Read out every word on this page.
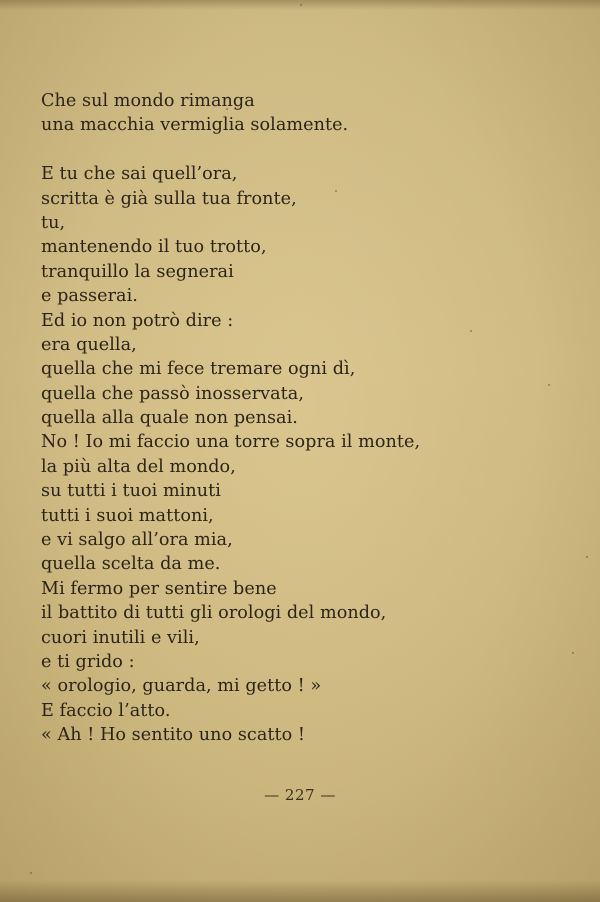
Che sul mondo rimanga
una macchia vermiglia solamente.
E tu che sai quell’ora,
scritta è già sulla tua fronte,
tu,
mantenendo il tuo trotto,
tranquillo la segnerai
e passerai.
Ed io non potrò dire :
era quella,
quella che mi fece tremare ogni dì,
quella che passò inosservata,
quella alla quale non pensai.
No ! Io mi faccio una torre sopra il monte,
la più alta del mondo,
su tutti i tuoi minuti
tutti i suoi mattoni,
e vi salgo all’ora mia,
quella scelta da me.
Mi fermo per sentire bene
il battito di tutti gli orologi del mondo,
cuori inutili e vili,
e ti grido :
« orologio, guarda, mi getto ! »
E faccio l’atto.
« Ah ! Ho sentito uno scatto !
— 227 —
